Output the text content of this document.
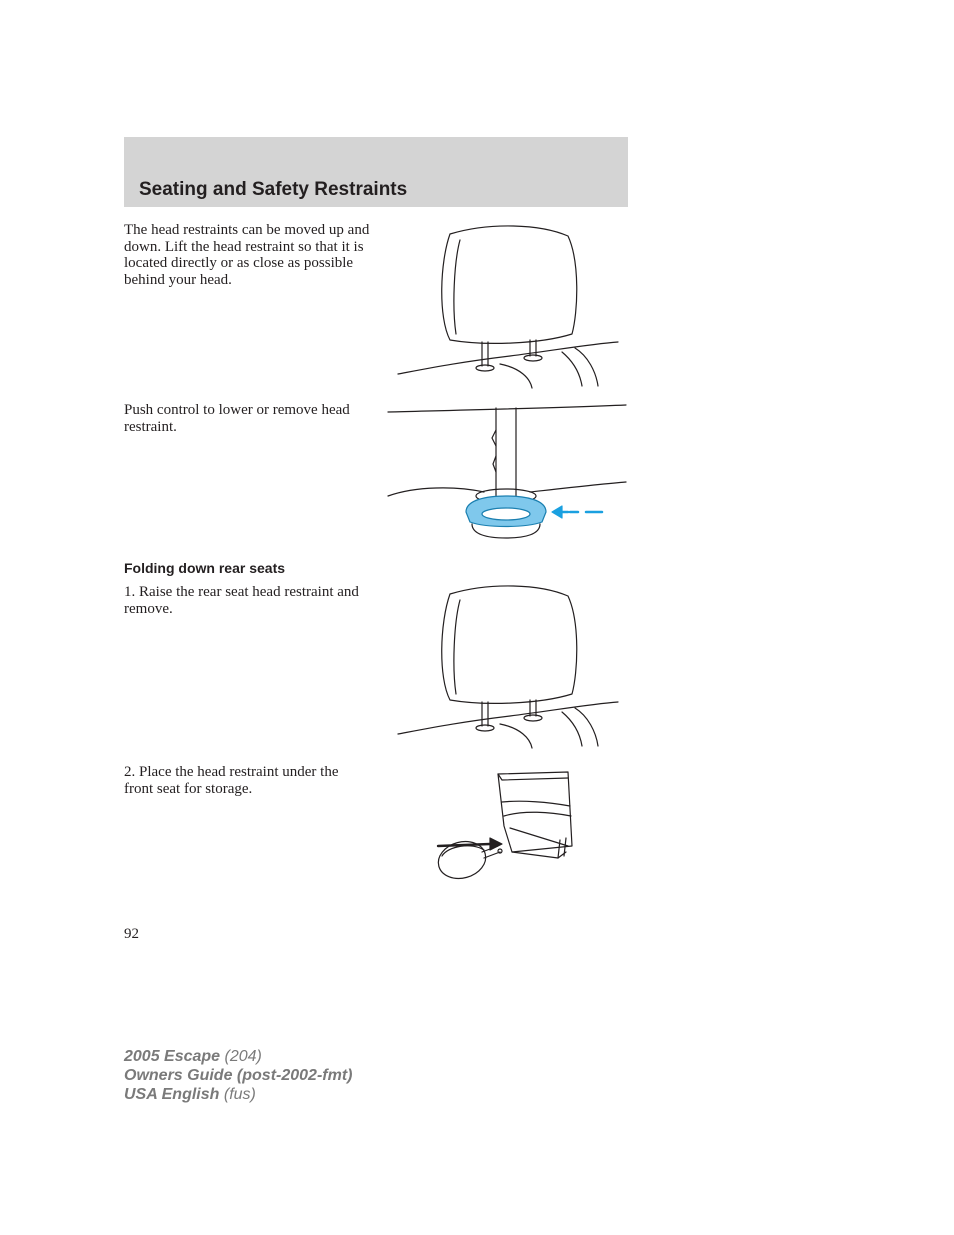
Seating and Safety Restraints

The head restraints can be moved up and down. Lift the head restraint so that it is located directly or as close as possible behind your head.

Push control to lower or remove head restraint.

Folding down rear seats

1. Raise the rear seat head restraint and remove.

2. Place the head restraint under the front seat for storage.

92
2005 Escape (204)
Owners Guide (post-2002-fmt)
USA English (fus)
